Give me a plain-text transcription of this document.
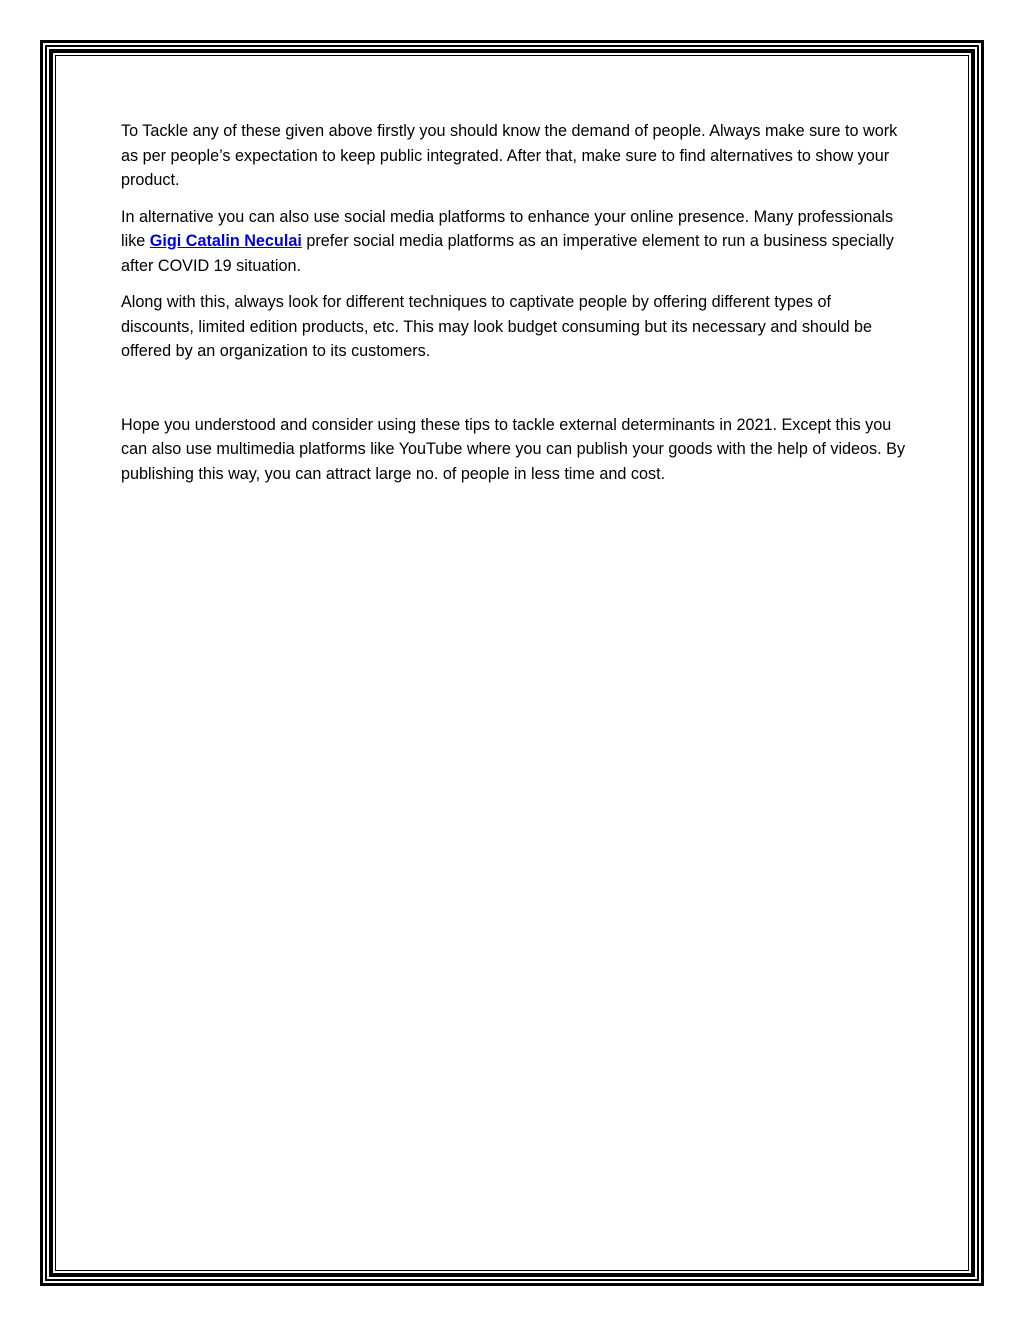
To Tackle any of these given above firstly you should know the demand of people. Always make sure to work as per people’s expectation to keep public integrated. After that, make sure to find alternatives to show your product.

In alternative you can also use social media platforms to enhance your online presence. Many professionals like Gigi Catalin Neculai prefer social media platforms as an imperative element to run a business specially after COVID 19 situation.

Along with this, always look for different techniques to captivate people by offering different types of discounts, limited edition products, etc. This may look budget consuming but its necessary and should be offered by an organization to its customers.

Hope you understood and consider using these tips to tackle external determinants in 2021. Except this you can also use multimedia platforms like YouTube where you can publish your goods with the help of videos. By publishing this way, you can attract large no. of people in less time and cost.
